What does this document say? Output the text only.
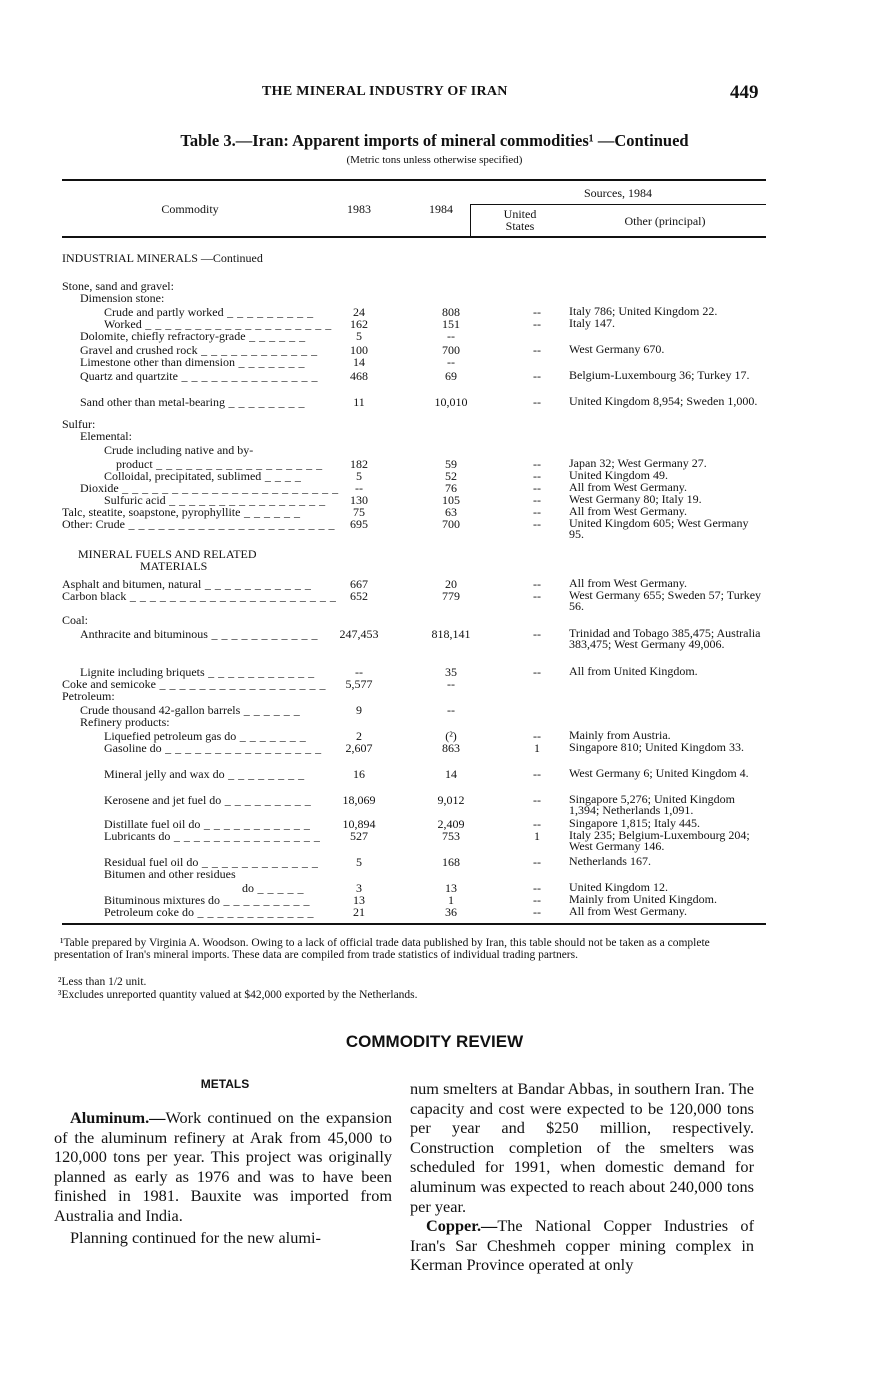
THE MINERAL INDUSTRY OF IRAN	449
Table 3.—Iran: Apparent imports of mineral commodities¹ —Continued
(Metric tons unless otherwise specified)
Commodity	1983	1984
Sources, 1984
United States	Other (principal)
INDUSTRIAL MINERALS —Continued
Stone, sand and gravel:
Dimension stone:
Crude and partly worked _ _ _ _ _ _ _ _ _	24	808	--	Italy 786; United Kingdom 22.
Worked _ _ _ _ _ _ _ _ _ _ _ _ _ _ _ _ _ _ _	162	151	--	Italy 147.
Dolomite, chiefly refractory-grade _ _ _ _ _ _	5	--
Gravel and crushed rock _ _ _ _ _ _ _ _ _ _ _ _	100	700	--	West Germany 670.
Limestone other than dimension _ _ _ _ _ _ _	14	--
Quartz and quartzite _ _ _ _ _ _ _ _ _ _ _ _ _ _	468	69	--	Belgium-Luxembourg 36; Turkey 17.
Sand other than metal-bearing _ _ _ _ _ _ _ _	11	10,010	--	United Kingdom 8,954; Sweden 1,000.
Sulfur:
Elemental:
Crude including native and by-
product _ _ _ _ _ _ _ _ _ _ _ _ _ _ _ _ _	182	59	--	Japan 32; West Germany 27.
Colloidal, precipitated, sublimed _ _ _ _	5	52	--	United Kingdom 49.
Dioxide _ _ _ _ _ _ _ _ _ _ _ _ _ _ _ _ _ _ _ _ _ _	--	76	--	All from West Germany.
Sulfuric acid _ _ _ _ _ _ _ _ _ _ _ _ _ _ _ _	130	105	--	West Germany 80; Italy 19.
Talc, steatite, soapstone, pyrophyllite _ _ _ _ _ _	75	63	--	All from West Germany.
Other: Crude _ _ _ _ _ _ _ _ _ _ _ _ _ _ _ _ _ _ _ _ _	695	700	--	United Kingdom 605; West Germany 95.
MINERAL FUELS AND RELATED
MATERIALS
Asphalt and bitumen, natural _ _ _ _ _ _ _ _ _ _ _	667	20	--	All from West Germany.
Carbon black _ _ _ _ _ _ _ _ _ _ _ _ _ _ _ _ _ _ _ _ _	652	779	--	West Germany 655; Sweden 57; Turkey 56.
Coal:
Anthracite and bituminous _ _ _ _ _ _ _ _ _ _ _	247,453	818,141	--	Trinidad and Tobago 385,475; Australia 383,475; West Germany 49,006.
Lignite including briquets _ _ _ _ _ _ _ _ _ _ _	--	35	--	All from United Kingdom.
Coke and semicoke _ _ _ _ _ _ _ _ _ _ _ _ _ _ _ _ _	5,577	--
Petroleum:
Crude thousand 42-gallon barrels _ _ _ _ _ _	9	--
Refinery products:
Liquefied petroleum gas do _ _ _ _ _ _ _	2	(²)	--	Mainly from Austria.
Gasoline do _ _ _ _ _ _ _ _ _ _ _ _ _ _ _ _	2,607	863	1	Singapore 810; United Kingdom 33.
Mineral jelly and wax do _ _ _ _ _ _ _ _	16	14	--	West Germany 6; United Kingdom 4.
Kerosene and jet fuel do _ _ _ _ _ _ _ _ _	18,069	9,012	--	Singapore 5,276; United Kingdom 1,394; Netherlands 1,091.
Distillate fuel oil do _ _ _ _ _ _ _ _ _ _ _	10,894	2,409	--	Singapore 1,815; Italy 445.
Lubricants do _ _ _ _ _ _ _ _ _ _ _ _ _ _ _	527	753	1	Italy 235; Belgium-Luxembourg 204; West Germany 146.
Residual fuel oil do _ _ _ _ _ _ _ _ _ _ _ _	5	168	--	Netherlands 167.
Bitumen and other residues
do _ _ _ _ _	3	13	--	United Kingdom 12.
Bituminous mixtures do _ _ _ _ _ _ _ _ _	13	1	--	Mainly from United Kingdom.
Petroleum coke do _ _ _ _ _ _ _ _ _ _ _ _	21	36	--	All from West Germany.
¹Table prepared by Virginia A. Woodson. Owing to a lack of official trade data published by Iran, this table should not be taken as a complete presentation of Iran's mineral imports. These data are compiled from trade statistics of individual trading partners.
²Less than 1/2 unit.
³Excludes unreported quantity valued at $42,000 exported by the Netherlands.
COMMODITY REVIEW
METALS

Aluminum.—Work continued on the expansion of the aluminum refinery at Arak from 45,000 to 120,000 tons per year. This project was originally planned as early as 1976 and was to have been finished in 1981. Bauxite was imported from Australia and India.

Planning continued for the new alumi-

num smelters at Bandar Abbas, in southern Iran. The capacity and cost were expected to be 120,000 tons per year and $250 million, respectively. Construction completion of the smelters was scheduled for 1991, when domestic demand for aluminum was expected to reach about 240,000 tons per year.

Copper.—The National Copper Industries of Iran's Sar Cheshmeh copper mining complex in Kerman Province operated at only
